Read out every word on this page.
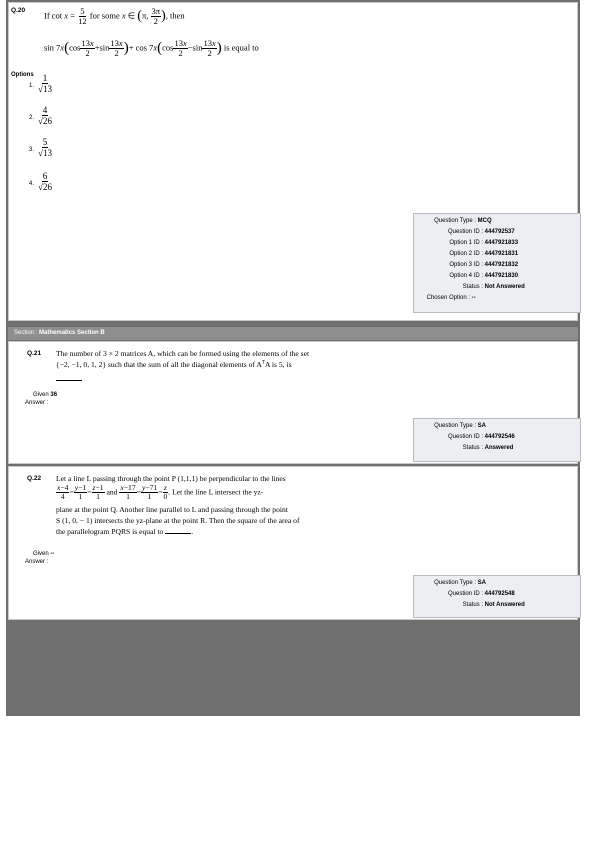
Q.20 If $\cot x = \frac{5}{12}$ for some x ∈ (π, $\frac{3\pi}{2}$ ), then
$\sin 7x(\cos \frac{13x}{2} +\sin \frac{13x}{2}$ )+ $\cos 7x(\cos \frac{13x}{2} -\sin \frac{13x}{2}$ ) is equal to
Options
1. $\frac{1}{√13}$
2. $\frac{4}{√26}$
3. $\frac{5}{√13}$
4. $\frac{6}{√26}$
Question Type : MCQ
Question ID : 444792537
Option 1 ID : 4447921833
Option 2 ID : 4447921831
Option 3 ID : 4447921832
Option 4 ID : 4447921830
Status : Not Answered
Chosen Option : --
Section : Mathematics Section B
Q.21 The number of 3 × 2 matrices A, which can be formed using the elements of the set
{−2, −1, 0, 1, 2} such that the sum of all the diagonal elements of $A^TA$ is 5, is
Given 36
Answer :
Question Type : SA
Question ID : 444792546
Status : Answered
Q.22 Let a line L passing through the point P (1,1,1) be perpendicular to the lines
$\frac{x-4}{4} = \frac{y-1}{1} = \frac{z-1}{1}$ and $\frac{x-17}{1} = \frac{y-71}{1} = \frac{z}{0}$ . Let the line L intersect the yz-
plane at the point Q. Another line parallel to L and passing through the point
S (1, 0, − 1) intersects the yz-plane at the point R. Then the square of the area of
the parallelogram PQRS is equal to	.
Given --
Answer :
Question Type : SA
Question ID : 444792548
Status : Not Answered
